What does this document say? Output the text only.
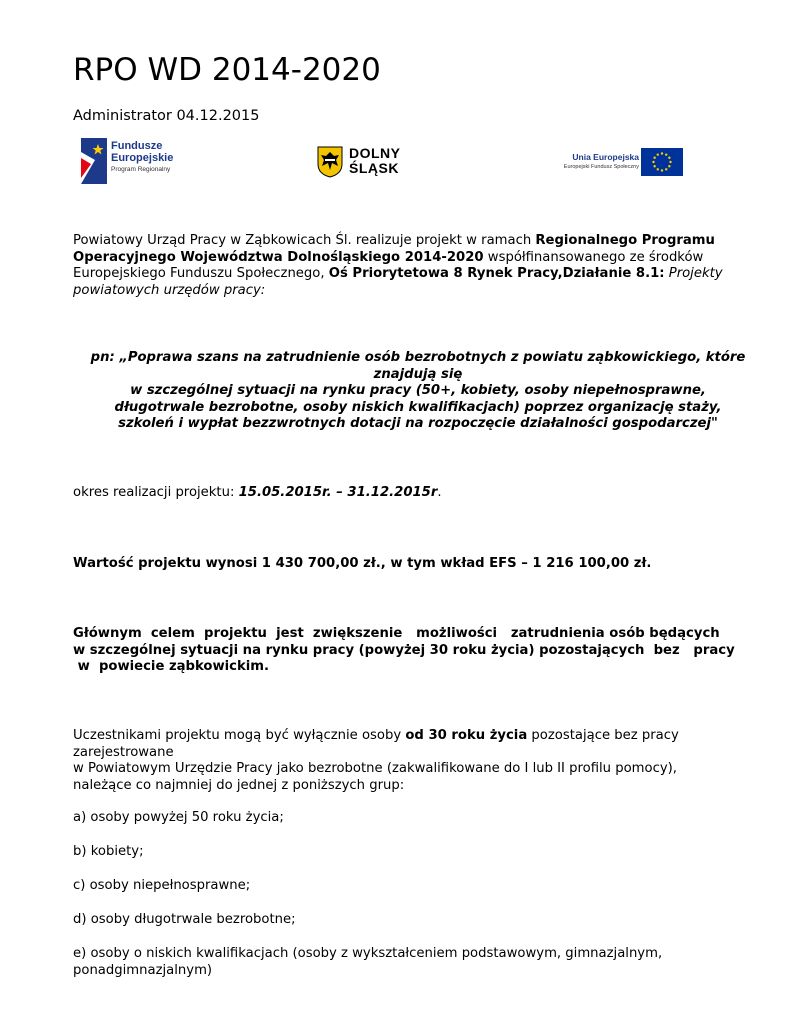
RPO WD 2014-2020
Administrator 04.12.2015
Fundusze
Europejskie
Program Regionalny
DOLNY
ŚLĄSK
Unia Europejska
Europejski Fundusz Społeczny
Powiatowy Urząd Pracy w Ząbkowicach Śl. realizuje projekt w ramach Regionalnego Programu Operacyjnego Województwa Dolnośląskiego 2014-2020 współfinansowanego ze środków Europejskiego Funduszu Społecznego, Oś Priorytetowa 8 Rynek Pracy,Działanie 8.1: Projekty powiatowych urzędów pracy:
pn: „Poprawa szans na zatrudnienie osób bezrobotnych z powiatu ząbkowickiego, które znajdują się
w szczególnej sytuacji na rynku pracy (50+, kobiety, osoby niepełnosprawne, długotrwale bezrobotne, osoby niskich kwalifikacjach) poprzez organizację staży, szkoleń i wypłat bezzwrotnych dotacji na rozpoczęcie działalności gospodarczej"
okres realizacji projektu: 15.05.2015r. – 31.12.2015r.
Wartość projektu wynosi 1 430 700,00 zł., w tym wkład EFS – 1 216 100,00 zł.
Głównym  celem  projektu  jest  zwiększenie   możliwości   zatrudnienia osób będących
w szczególnej sytuacji na rynku pracy (powyżej 30 roku życia) pozostających  bez   pracy
w  powiecie ząbkowickim.
Uczestnikami projektu mogą być wyłącznie osoby od 30 roku życia pozostające bez pracy zarejestrowane
w Powiatowym Urzędzie Pracy jako bezrobotne (zakwalifikowane do I lub II profilu pomocy),
należące co najmniej do jednej z poniższych grup:
a) osoby powyżej 50 roku życia;
b) kobiety;
c) osoby niepełnosprawne;
d) osoby długotrwale bezrobotne;
e) osoby o niskich kwalifikacjach (osoby z wykształceniem podstawowym, gimnazjalnym, ponadgimnazjalnym)
